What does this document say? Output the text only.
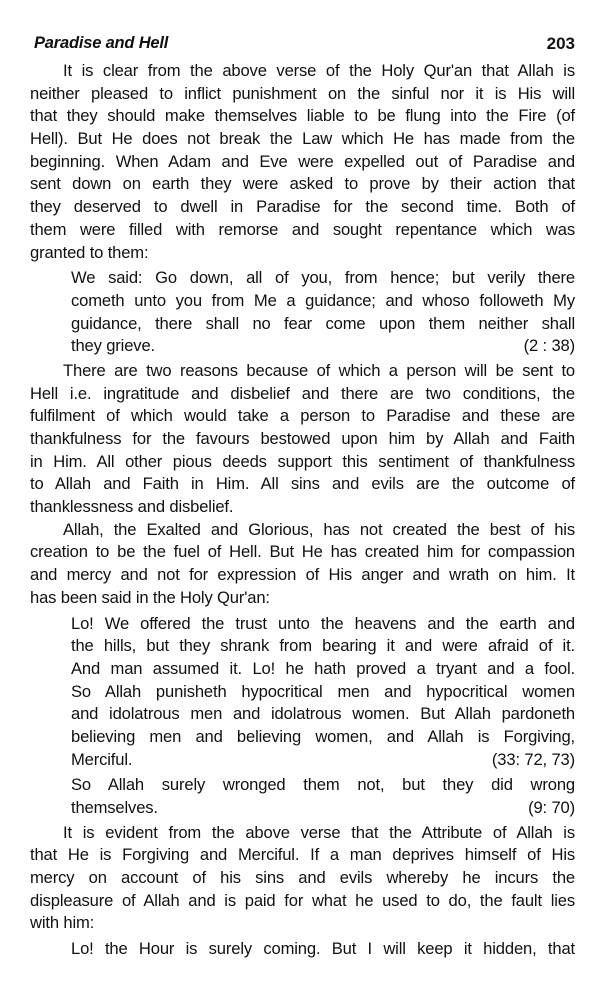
Paradise and Hell	203
It is clear from the above verse of the Holy Qur'an that Allah is
neither pleased to inflict punishment on the sinful nor it is His will
that they should make themselves liable to be flung into the Fire (of
Hell). But He does not break the Law which He has made from the
beginning. When Adam and Eve were expelled out of Paradise and
sent down on earth they were asked to prove by their action that
they deserved to dwell in Paradise for the second time. Both of
them were filled with remorse and sought repentance which was
granted to them:
We said: Go down, all of you, from hence; but verily there
cometh unto you from Me a guidance; and whoso followeth My
guidance, there shall no fear come upon them neither shall
they grieve.	(2 : 38)
There are two reasons because of which a person will be sent to
Hell i.e. ingratitude and disbelief and there are two conditions, the
fulfilment of which would take a person to Paradise and these are
thankfulness for the favours bestowed upon him by Allah and Faith
in Him. All other pious deeds support this sentiment of thankfulness
to Allah and Faith in Him. All sins and evils are the outcome of
thanklessness and disbelief.
Allah, the Exalted and Glorious, has not created the best of his
creation to be the fuel of Hell. But He has created him for compassion
and mercy and not for expression of His anger and wrath on him. It
has been said in the Holy Qur'an:
Lo! We offered the trust unto the heavens and the earth and
the hills, but they shrank from bearing it and were afraid of it.
And man assumed it. Lo! he hath proved a tryant and a fool.
So Allah punisheth hypocritical men and hypocritical women
and idolatrous men and idolatrous women. But Allah pardoneth
believing men and believing women, and Allah is Forgiving,
Merciful.	(33: 72, 73)
So Allah surely wronged them not, but they did wrong
themselves.	(9: 70)
It is evident from the above verse that the Attribute of Allah is
that He is Forgiving and Merciful. If a man deprives himself of His
mercy on account of his sins and evils whereby he incurs the
displeasure of Allah and is paid for what he used to do, the fault lies
with him:
Lo! the Hour is surely coming. But I will keep it hidden, that
